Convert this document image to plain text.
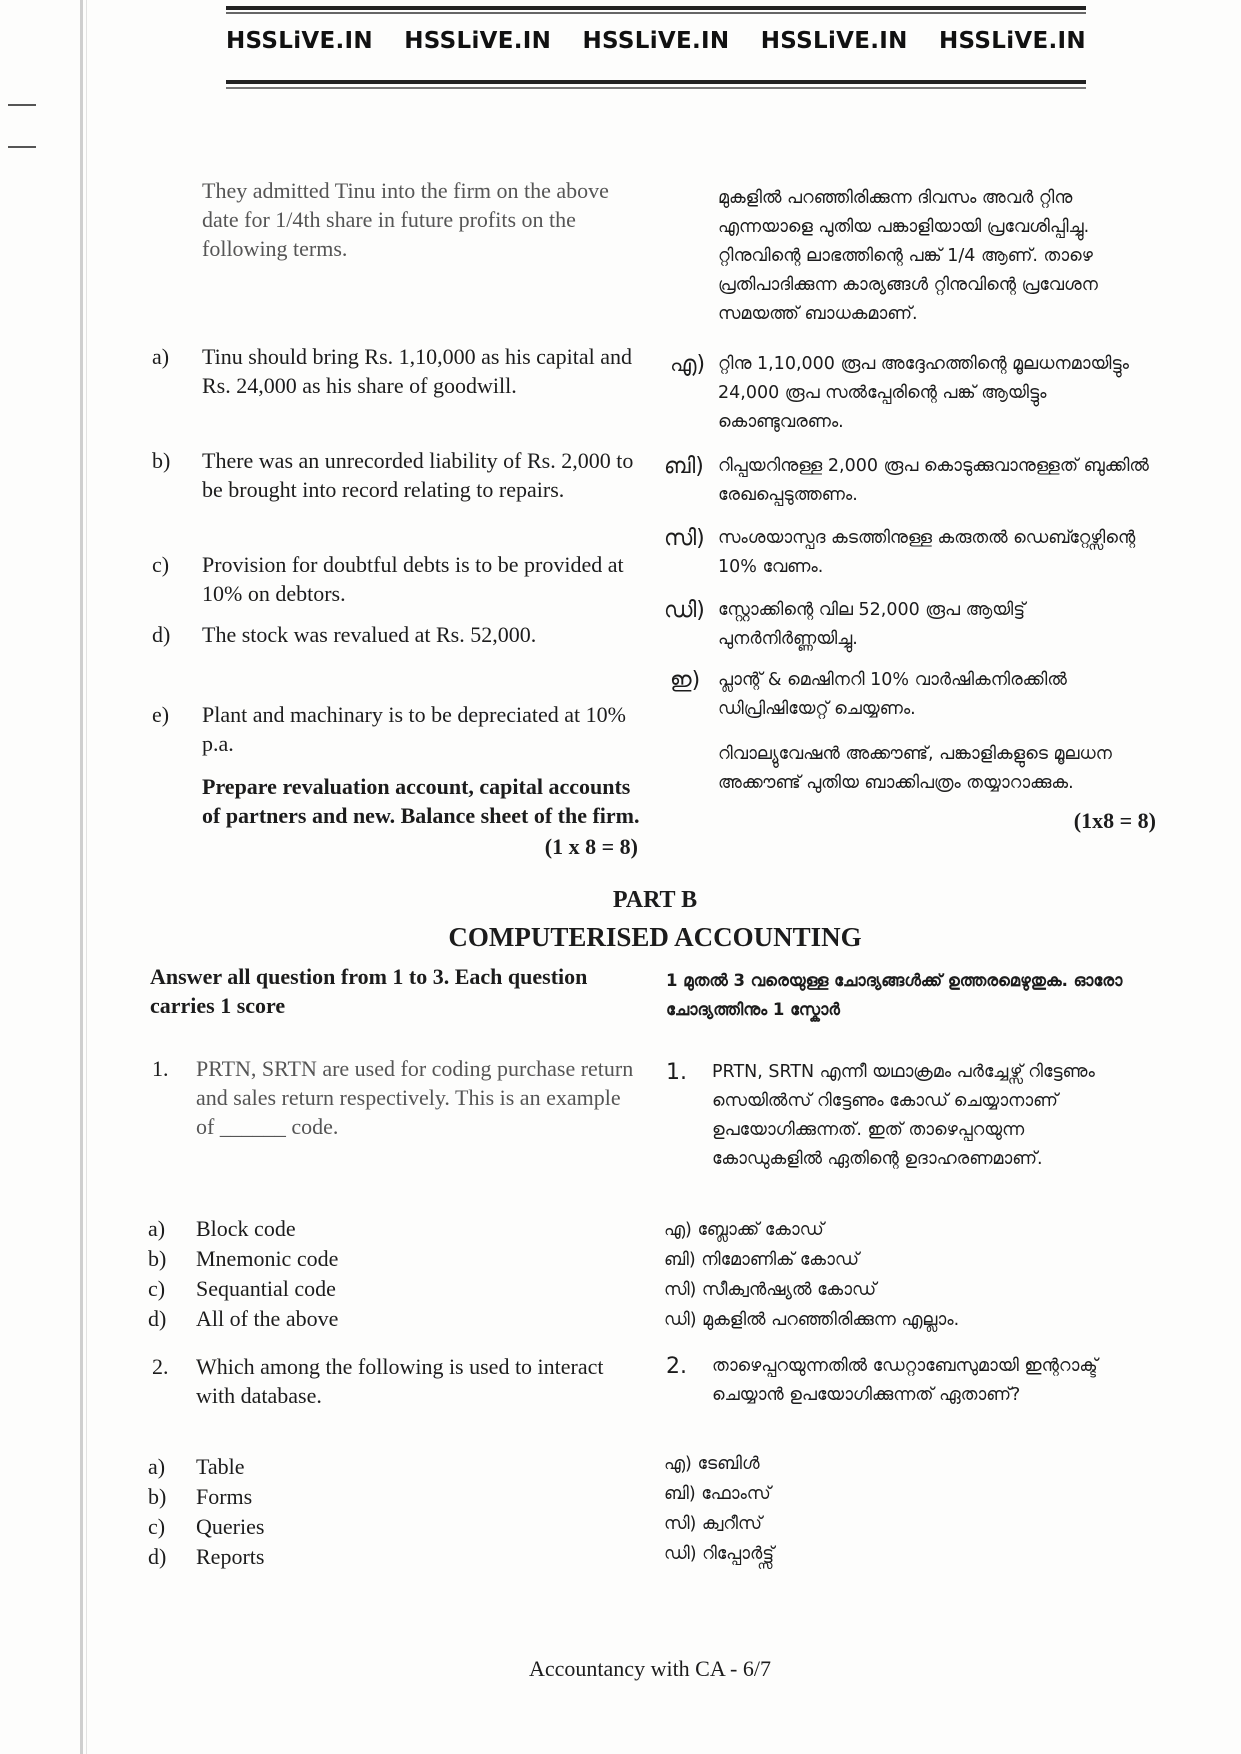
HSSLiVE.IN HSSLiVE.IN HSSLiVE.IN HSSLiVE.IN HSSLiVE.IN
They admitted Tinu into the firm on the above date for 1/4th share in future profits on the following terms.
മുകളിൽ പറഞ്ഞിരിക്കുന്ന ദിവസം അവർ റ്റിനു എന്നയാളെ പുതിയ പങ്കാളിയായി പ്രവേശിപ്പിച്ചു. റ്റിനുവിന്റെ ലാഭത്തിന്റെ പങ്ക് 1/4 ആണ്. താഴെ പ്രതിപാദിക്കുന്ന കാര്യങ്ങൾ റ്റിനുവിന്റെ പ്രവേശന സമയത്ത് ബാധകമാണ്.
a) Tinu should bring Rs. 1,10,000 as his capital and Rs. 24,000 as his share of goodwill.
b) There was an unrecorded liability of Rs. 2,000 to be brought into record relating to repairs.
c) Provision for doubtful debts is to be provided at 10% on debtors.
d) The stock was revalued at Rs. 52,000.
e) Plant and machinary is to be depreciated at 10% p.a.
Prepare revaluation account, capital accounts of partners and new. Balance sheet of the firm.
(1 x 8 = 8)
എ) റ്റിനു 1,10,000 രൂപ അദ്ദേഹത്തിന്റെ മൂലധനമായിട്ടും 24,000 രൂപ സൽപ്പേരിന്റെ പങ്ക് ആയിട്ടും കൊണ്ടുവരണം.
ബി) റിപ്പയറിനുള്ള 2,000 രൂപ കൊടുക്കുവാനുള്ളത് ബുക്കിൽ രേഖപ്പെടുത്തണം.
സി) സംശയാസ്പദ കടത്തിനുള്ള കരുതൽ ഡെബ്റ്റേഴ്സിന്റെ 10% വേണം.
ഡി) സ്റ്റോക്കിന്റെ വില 52,000 രൂപ ആയിട്ട് പുനർനിർണ്ണയിച്ചു.
ഇ) പ്ലാന്റ് & മെഷിനറി 10% വാർഷികനിരക്കിൽ ഡിപ്രിഷിയേറ്റ് ചെയ്യണം.
റിവാല്യുവേഷൻ അക്കൗണ്ട്, പങ്കാളികളുടെ മൂലധന അക്കൗണ്ട് പുതിയ ബാക്കിപത്രം തയ്യാറാക്കുക.
(1x8 = 8)
PART B
COMPUTERISED ACCOUNTING
Answer all question from 1 to 3. Each question carries 1 score
1 മുതൽ 3 വരെയുള്ള ചോദ്യങ്ങൾക്ക് ഉത്തരമെഴുതുക. ഓരോ ചോദ്യത്തിനും 1 സ്കോർ
1. PRTN, SRTN are used for coding purchase return and sales return respectively. This is an example of ______ code.
1. PRTN, SRTN എന്നീ യഥാക്രമം പർച്ചേഴ്സ് റിട്ടേണും സെയിൽസ് റിട്ടേണും കോഡ് ചെയ്യാനാണ് ഉപയോഗിക്കുന്നത്. ഇത് താഴെപ്പറയുന്ന കോഡുകളിൽ ഏതിന്റെ ഉദാഹരണമാണ്.
a) Block code
b) Mnemonic code
c) Sequantial code
d) All of the above
എ) ബ്ലോക്ക് കോഡ്
ബി) നിമോണിക് കോഡ്
സി) സീക്വൻഷ്യൽ കോഡ്
ഡി) മുകളിൽ പറഞ്ഞിരിക്കുന്ന എല്ലാം.
2. Which among the following is used to interact with database.
2. താഴെപ്പറയുന്നതിൽ ഡേറ്റാബേസുമായി ഇന്ററാക്ട് ചെയ്യാൻ ഉപയോഗിക്കുന്നത് ഏതാണ്?
a) Table
b) Forms
c) Queries
d) Reports
എ) ടേബിൾ
ബി) ഫോംസ്
സി) ക്വറീസ്
ഡി) റിപ്പോർട്ട്സ്
Accountancy with CA - 6/7
